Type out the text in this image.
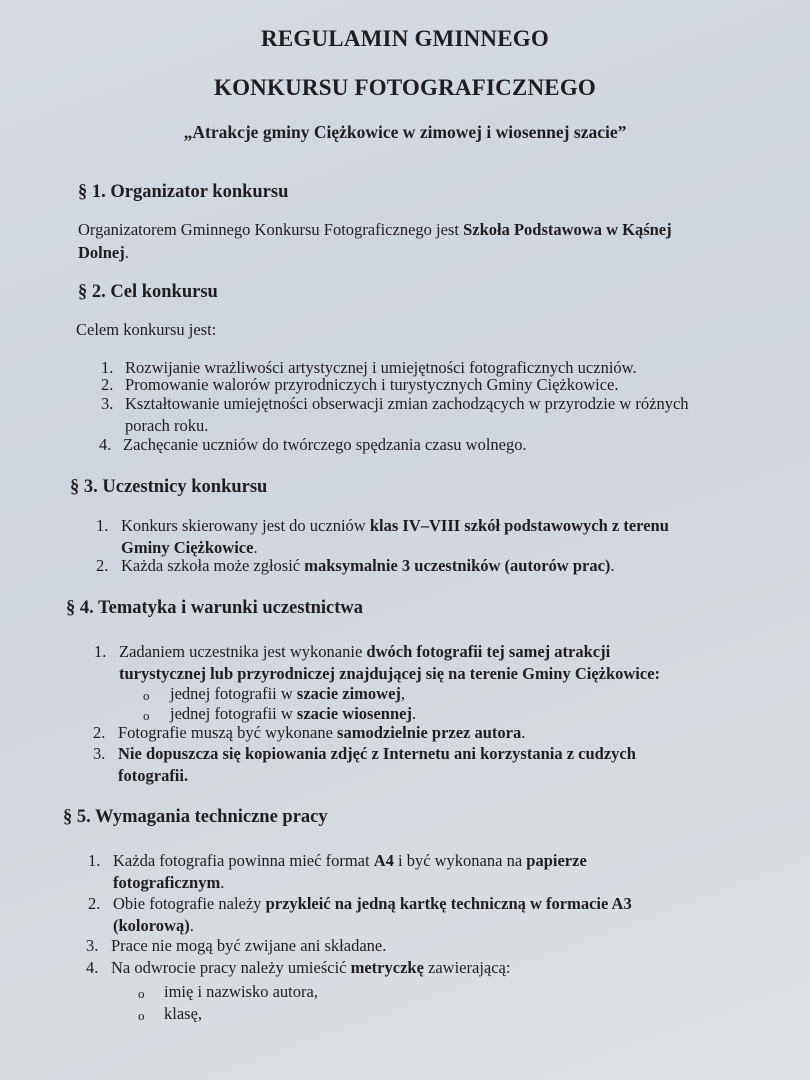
REGULAMIN GMINNEGO
KONKURSU FOTOGRAFICZNEGO
„Atrakcje gminy Ciężkowice w zimowej i wiosennej szacie”
§ 1. Organizator konkursu
Organizatorem Gminnego Konkursu Fotograficznego jest Szkoła Podstawowa w Kąśnej
Dolnej.
§ 2. Cel konkursu
Celem konkursu jest:
1. Rozwijanie wrażliwości artystycznej i umiejętności fotograficznych uczniów.
2. Promowanie walorów przyrodniczych i turystycznych Gminy Ciężkowice.
3. Kształtowanie umiejętności obserwacji zmian zachodzących w przyrodzie w różnych
porach roku.
4. Zachęcanie uczniów do twórczego spędzania czasu wolnego.
§ 3. Uczestnicy konkursu
1. Konkurs skierowany jest do uczniów klas IV–VIII szkół podstawowych z terenu
Gminy Ciężkowice.
2. Każda szkoła może zgłosić maksymalnie 3 uczestników (autorów prac).
§ 4. Tematyka i warunki uczestnictwa
1. Zadaniem uczestnika jest wykonanie dwóch fotografii tej samej atrakcji
turystycznej lub przyrodniczej znajdującej się na terenie Gminy Ciężkowice:
o jednej fotografii w szacie zimowej,
o jednej fotografii w szacie wiosennej.
2. Fotografie muszą być wykonane samodzielnie przez autora.
3. Nie dopuszcza się kopiowania zdjęć z Internetu ani korzystania z cudzych
fotografii.
§ 5. Wymagania techniczne pracy
1. Każda fotografia powinna mieć format A4 i być wykonana na papierze
fotograficznym.
2. Obie fotografie należy przykleić na jedną kartkę techniczną w formacie A3
(kolorową).
3. Prace nie mogą być zwijane ani składane.
4. Na odwrocie pracy należy umieścić metryczkę zawierającą:
o imię i nazwisko autora,
o klasę,
